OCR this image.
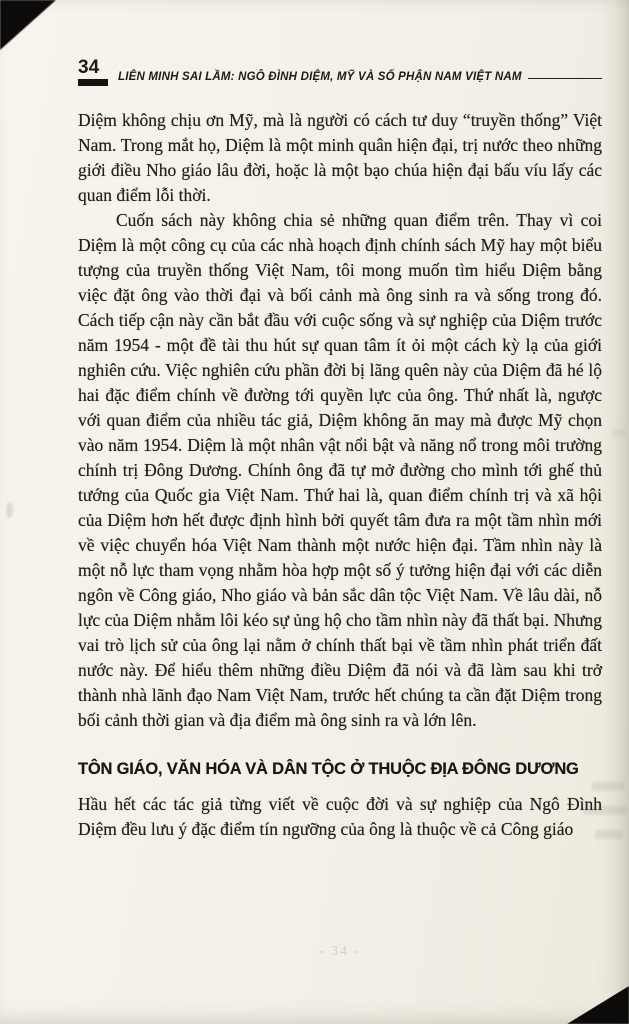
34 LIÊN MINH SAI LẦM: NGÔ ĐÌNH DIỆM, MỸ VÀ SỐ PHẬN NAM VIỆT NAM

Diệm không chịu ơn Mỹ, mà là người có cách tư duy “truyền thống” Việt Nam. Trong mắt họ, Diệm là một minh quân hiện đại, trị nước theo những giới điều Nho giáo lâu đời, hoặc là một bạo chúa hiện đại bấu víu lấy các quan điểm lỗi thời.

Cuốn sách này không chia sẻ những quan điểm trên. Thay vì coi Diệm là một công cụ của các nhà hoạch định chính sách Mỹ hay một biểu tượng của truyền thống Việt Nam, tôi mong muốn tìm hiểu Diệm bằng việc đặt ông vào thời đại và bối cảnh mà ông sinh ra và sống trong đó. Cách tiếp cận này cần bắt đầu với cuộc sống và sự nghiệp của Diệm trước năm 1954 - một đề tài thu hút sự quan tâm ít ỏi một cách kỳ lạ của giới nghiên cứu. Việc nghiên cứu phần đời bị lãng quên này của Diệm đã hé lộ hai đặc điểm chính về đường tới quyền lực của ông. Thứ nhất là, ngược với quan điểm của nhiều tác giả, Diệm không ăn may mà được Mỹ chọn vào năm 1954. Diệm là một nhân vật nổi bật và năng nổ trong môi trường chính trị Đông Dương. Chính ông đã tự mở đường cho mình tới ghế thủ tướng của Quốc gia Việt Nam. Thứ hai là, quan điểm chính trị và xã hội của Diệm hơn hết được định hình bởi quyết tâm đưa ra một tầm nhìn mới về việc chuyển hóa Việt Nam thành một nước hiện đại. Tầm nhìn này là một nỗ lực tham vọng nhằm hòa hợp một số ý tưởng hiện đại với các diễn ngôn về Công giáo, Nho giáo và bản sắc dân tộc Việt Nam. Về lâu dài, nỗ lực của Diệm nhằm lôi kéo sự ủng hộ cho tầm nhìn này đã thất bại. Nhưng vai trò lịch sử của ông lại nằm ở chính thất bại về tầm nhìn phát triển đất nước này. Để hiểu thêm những điều Diệm đã nói và đã làm sau khi trở thành nhà lãnh đạo Nam Việt Nam, trước hết chúng ta cần đặt Diệm trong bối cảnh thời gian và địa điểm mà ông sinh ra và lớn lên.

TÔN GIÁO, VĂN HÓA VÀ DÂN TỘC Ở THUỘC ĐỊA ĐÔNG DƯƠNG

Hầu hết các tác giả từng viết về cuộc đời và sự nghiệp của Ngô Đình Diệm đều lưu ý đặc điểm tín ngưỡng của ông là thuộc về cả Công giáo

- 34 -
